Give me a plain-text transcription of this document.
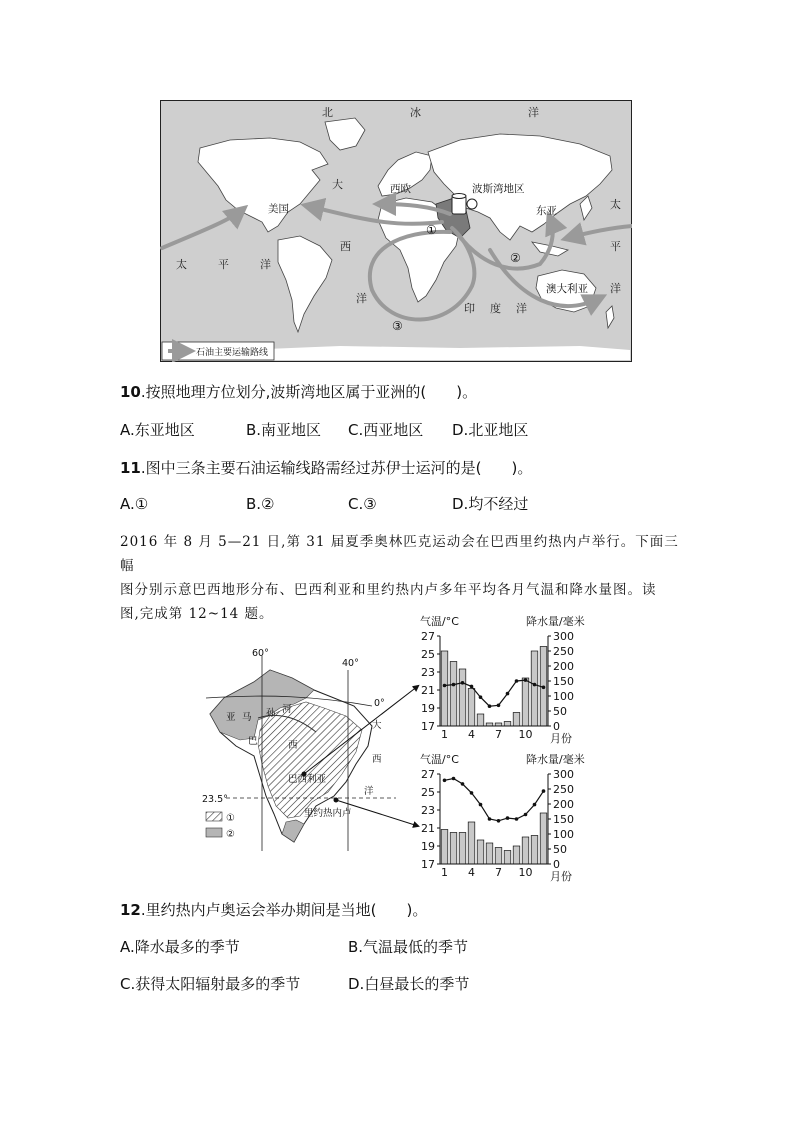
北	冰	洋
大
西
洋
太	平	洋
太
平
洋
印 度 洋
美国
西欧	波斯湾地区
东亚
澳大利亚
①
②
③
石油主要运输路线
10.按照地理方位划分,波斯湾地区属于亚洲的(　　)。
A.东亚地区	B.南亚地区 C.西亚地区 D.北亚地区
11.图中三条主要石油运输线路需经过苏伊士运河的是(　　)。
A.①	B.②	C.③	D.均不经过
2016 年 8 月 5—21 日,第 31 届夏季奥林匹克运动会在巴西里约热内卢举行。下面三幅
图分别示意巴西地形分布、巴西利亚和里约热内卢多年平均各月气温和降水量图。读
图,完成第 12~14 题。
60°
40°
0°
23.5°
亚 马 孙 河
巴	西
大
西
洋
巴西利亚
里约热内卢
①
②
气温/°C	降水量/毫米
17
19
21
23
25
27
0
50
100
150
200
250
300
1 4 7 10 月份
气温/°C	降水量/毫米
17
19
21
23
25
27
0
50
100
150
200
250
300
1 4 7 10 月份
12.里约热内卢奥运会举办期间是当地(　　)。
A.降水最多的季节	B.气温最低的季节
C.获得太阳辐射最多的季节	D.白昼最长的季节
